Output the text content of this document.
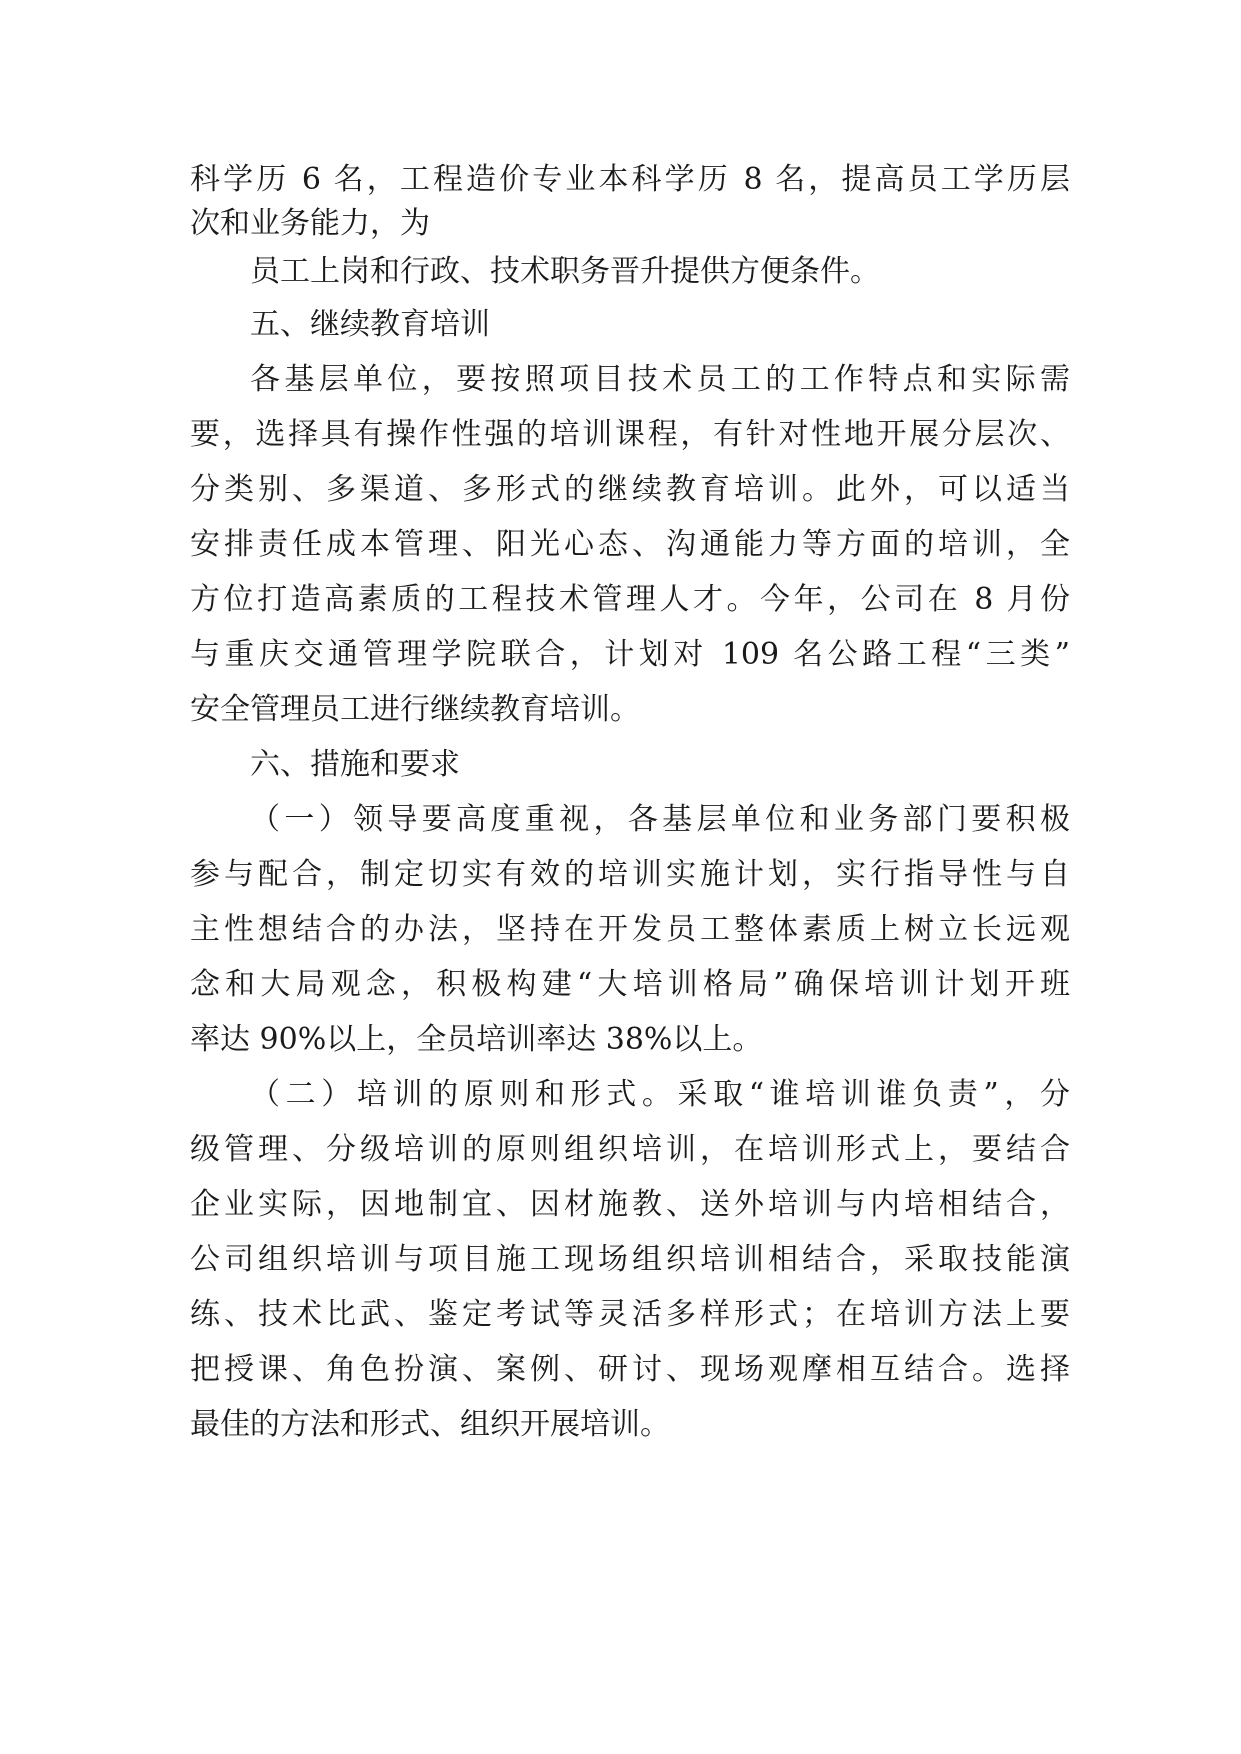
科学历 6 名，工程造价专业本科学历 8 名，提高员工学历层
次和业务能力，为
员工上岗和行政、技术职务晋升提供方便条件。
五、继续教育培训
各基层单位，要按照项目技术员工的工作特点和实际需
要，选择具有操作性强的培训课程，有针对性地开展分层次、
分类别、多渠道、多形式的继续教育培训。此外，可以适当
安排责任成本管理、阳光心态、沟通能力等方面的培训，全
方位打造高素质的工程技术管理人才。今年，公司在 8 月份
与重庆交通管理学院联合，计划对 109 名公路工程“三类”
安全管理员工进行继续教育培训。
六、措施和要求
（一）领导要高度重视，各基层单位和业务部门要积极
参与配合，制定切实有效的培训实施计划，实行指导性与自
主性想结合的办法，坚持在开发员工整体素质上树立长远观
念和大局观念，积极构建“大培训格局”确保培训计划开班
率达 90%以上，全员培训率达 38%以上。
（二）培训的原则和形式。采取“谁培训谁负责”，分
级管理、分级培训的原则组织培训，在培训形式上，要结合
企业实际，因地制宜、因材施教、送外培训与内培相结合，
公司组织培训与项目施工现场组织培训相结合，采取技能演
练、技术比武、鉴定考试等灵活多样形式；在培训方法上要
把授课、角色扮演、案例、研讨、现场观摩相互结合。选择
最佳的方法和形式、组织开展培训。
